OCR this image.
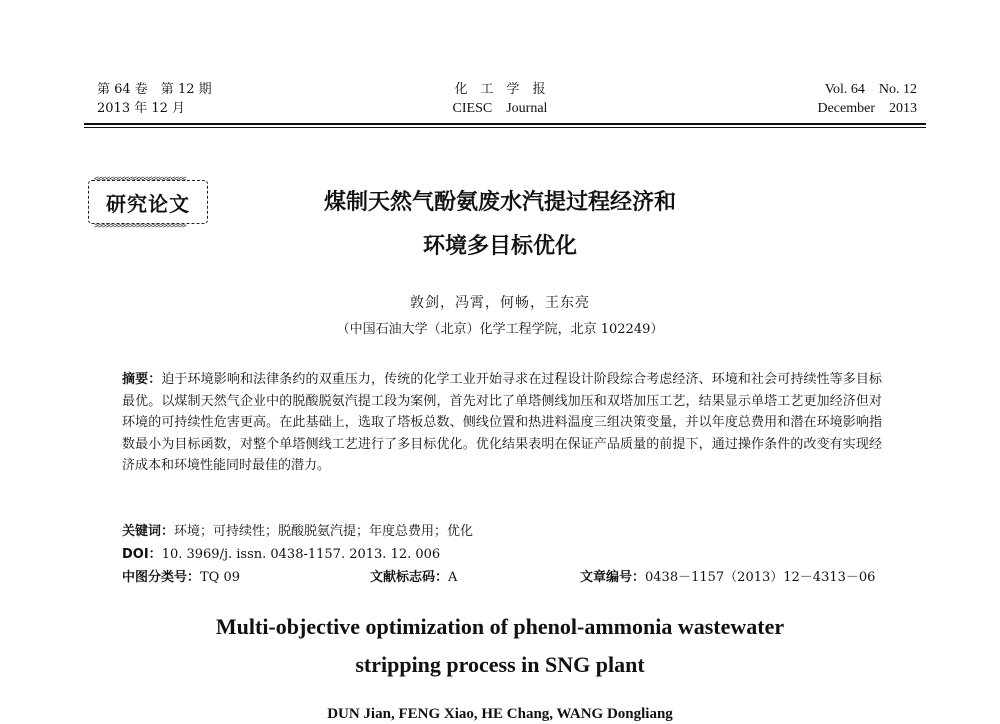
第 64 卷　第 12 期
2013 年 12 月
化　工　学　报
CIESC　Journal
Vol. 64　No. 12
December　2013
<<<<<<<<<<<<<<<<<<<<<<<<
研究论文
>>>>>>>>>>>>>>>>>>>>>>>>
煤制天然气酚氨废水汽提过程经济和
环境多目标优化
敦剑，冯霄，何畅，王东亮
（中国石油大学（北京）化学工程学院，北京 102249）
摘要：迫于环境影响和法律条约的双重压力，传统的化学工业开始寻求在过程设计阶段综合考虑经济、环境和社会可持续性等多目标最优。以煤制天然气企业中的脱酸脱氨汽提工段为案例，首先对比了单塔侧线加压和双塔加压工艺，结果显示单塔工艺更加经济但对环境的可持续性危害更高。在此基础上，选取了塔板总数、侧线位置和热进料温度三组决策变量，并以年度总费用和潜在环境影响指数最小为目标函数，对整个单塔侧线工艺进行了多目标优化。优化结果表明在保证产品质量的前提下，通过操作条件的改变有实现经济成本和环境性能同时最佳的潜力。
关键词：环境；可持续性；脱酸脱氨汽提；年度总费用；优化
DOI：10. 3969/j. issn. 0438-1157. 2013. 12. 006
中图分类号：TQ 09	文献标志码：A	文章编号：0438－1157（2013）12－4313－06
Multi-objective optimization of phenol-ammonia wastewater
stripping process in SNG plant
DUN Jian, FENG Xiao, HE Chang, WANG Dongliang
